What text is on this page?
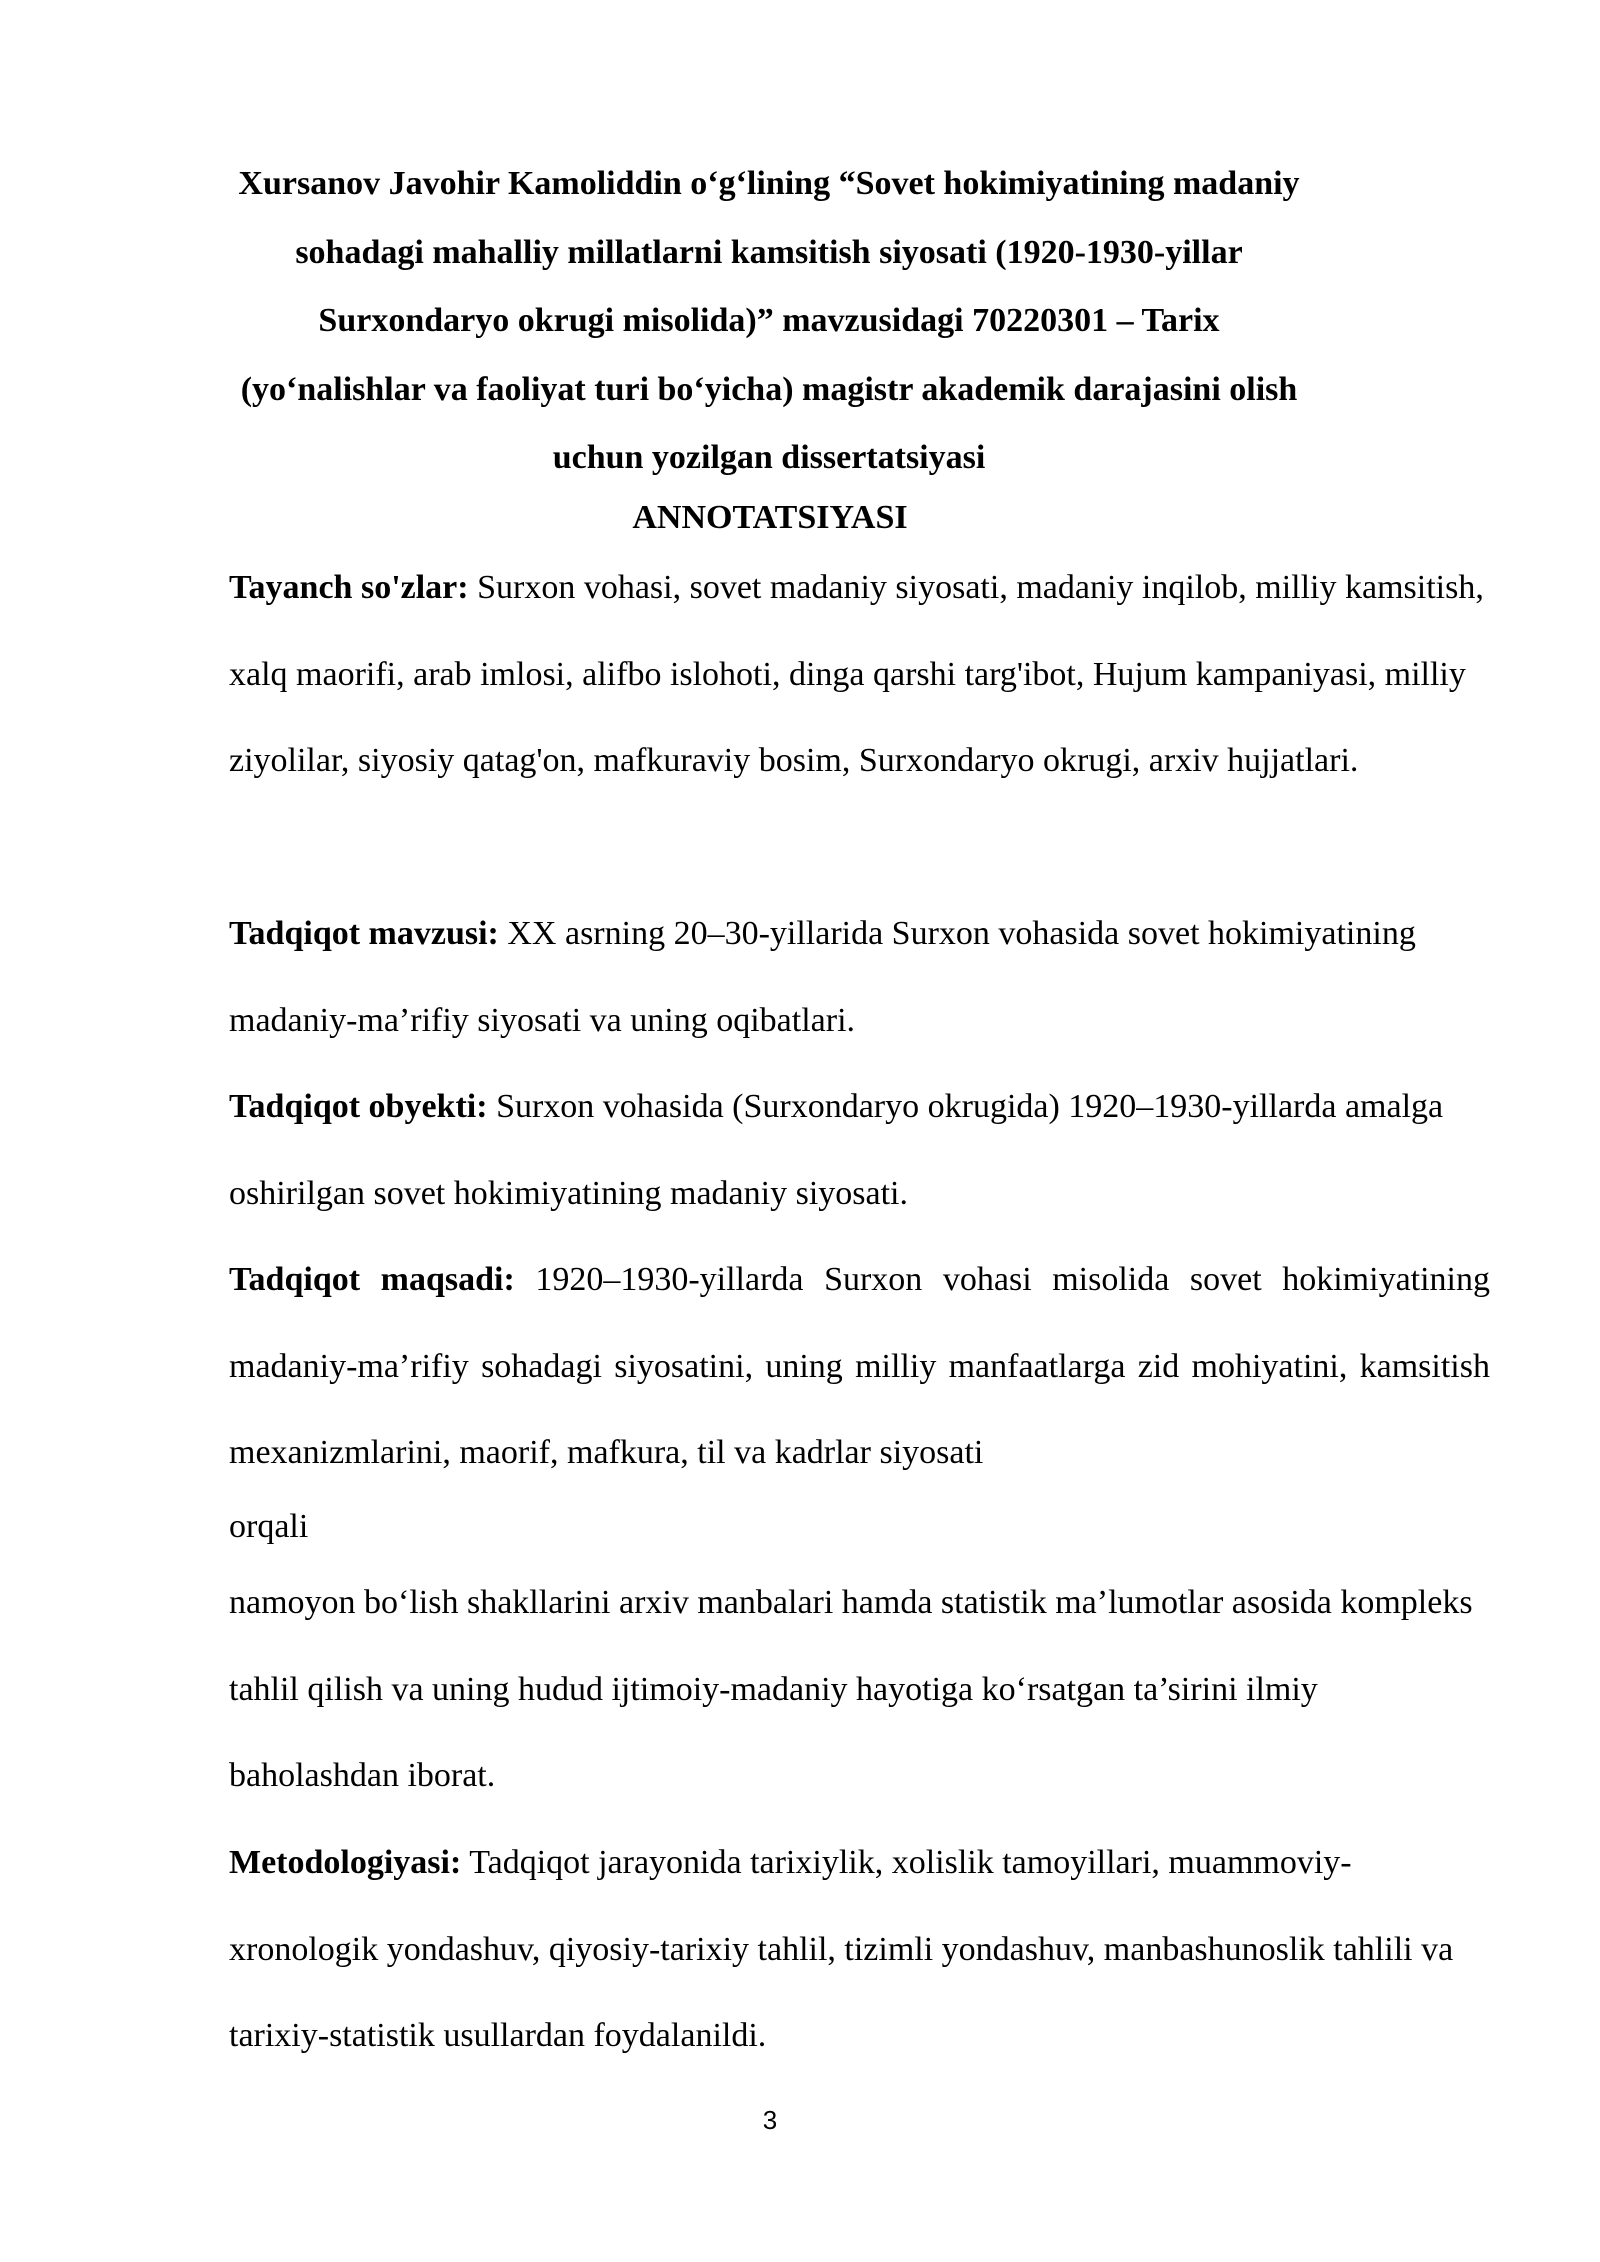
Xursanov Javohir Kamoliddin o‘g‘lining “Sovet hokimiyatining madaniy sohadagi mahalliy millatlarni kamsitish siyosati (1920-1930-yillar Surxondaryo okrugi misolida)” mavzusidagi 70220301 – Tarix (yo‘nalishlar va faoliyat turi bo‘yicha) magistr akademik darajasini olish uchun yozilgan dissertatsiyasi

ANNOTATSIYASI

Tayanch so'zlar: Surxon vohasi, sovet madaniy siyosati, madaniy inqilob, milliy kamsitish, xalq maorifi, arab imlosi, alifbo islohoti, dinga qarshi targ'ibot, Hujum kampaniyasi, milliy ziyolilar, siyosiy qatag'on, mafkuraviy bosim, Surxondaryo okrugi, arxiv hujjatlari.

Tadqiqot mavzusi: XX asrning 20–30-yillarida Surxon vohasida sovet hokimiyatining madaniy-ma’rifiy siyosati va uning oqibatlari.

Tadqiqot obyekti: Surxon vohasida (Surxondaryo okrugida) 1920–1930-yillarda amalga oshirilgan sovet hokimiyatining madaniy siyosati.

Tadqiqot maqsadi: 1920–1930-yillarda Surxon vohasi misolida sovet hokimiyatining madaniy-ma’rifiy sohadagi siyosatini, uning milliy manfaatlarga zid mohiyatini, kamsitish mexanizmlarini, maorif, mafkura, til va kadrlar siyosati
orqali

namoyon bo‘lish shakllarini arxiv manbalari hamda statistik ma’lumotlar asosida kompleks tahlil qilish va uning hudud ijtimoiy-madaniy hayotiga ko‘rsatgan ta’sirini ilmiy baholashdan iborat.

Metodologiyasi: Tadqiqot jarayonida tarixiylik, xolislik tamoyillari, muammoviy-xronologik yondashuv, qiyosiy-tarixiy tahlil, tizimli yondashuv, manbashunoslik tahlili va tarixiy-statistik usullardan foydalanildi.

3
